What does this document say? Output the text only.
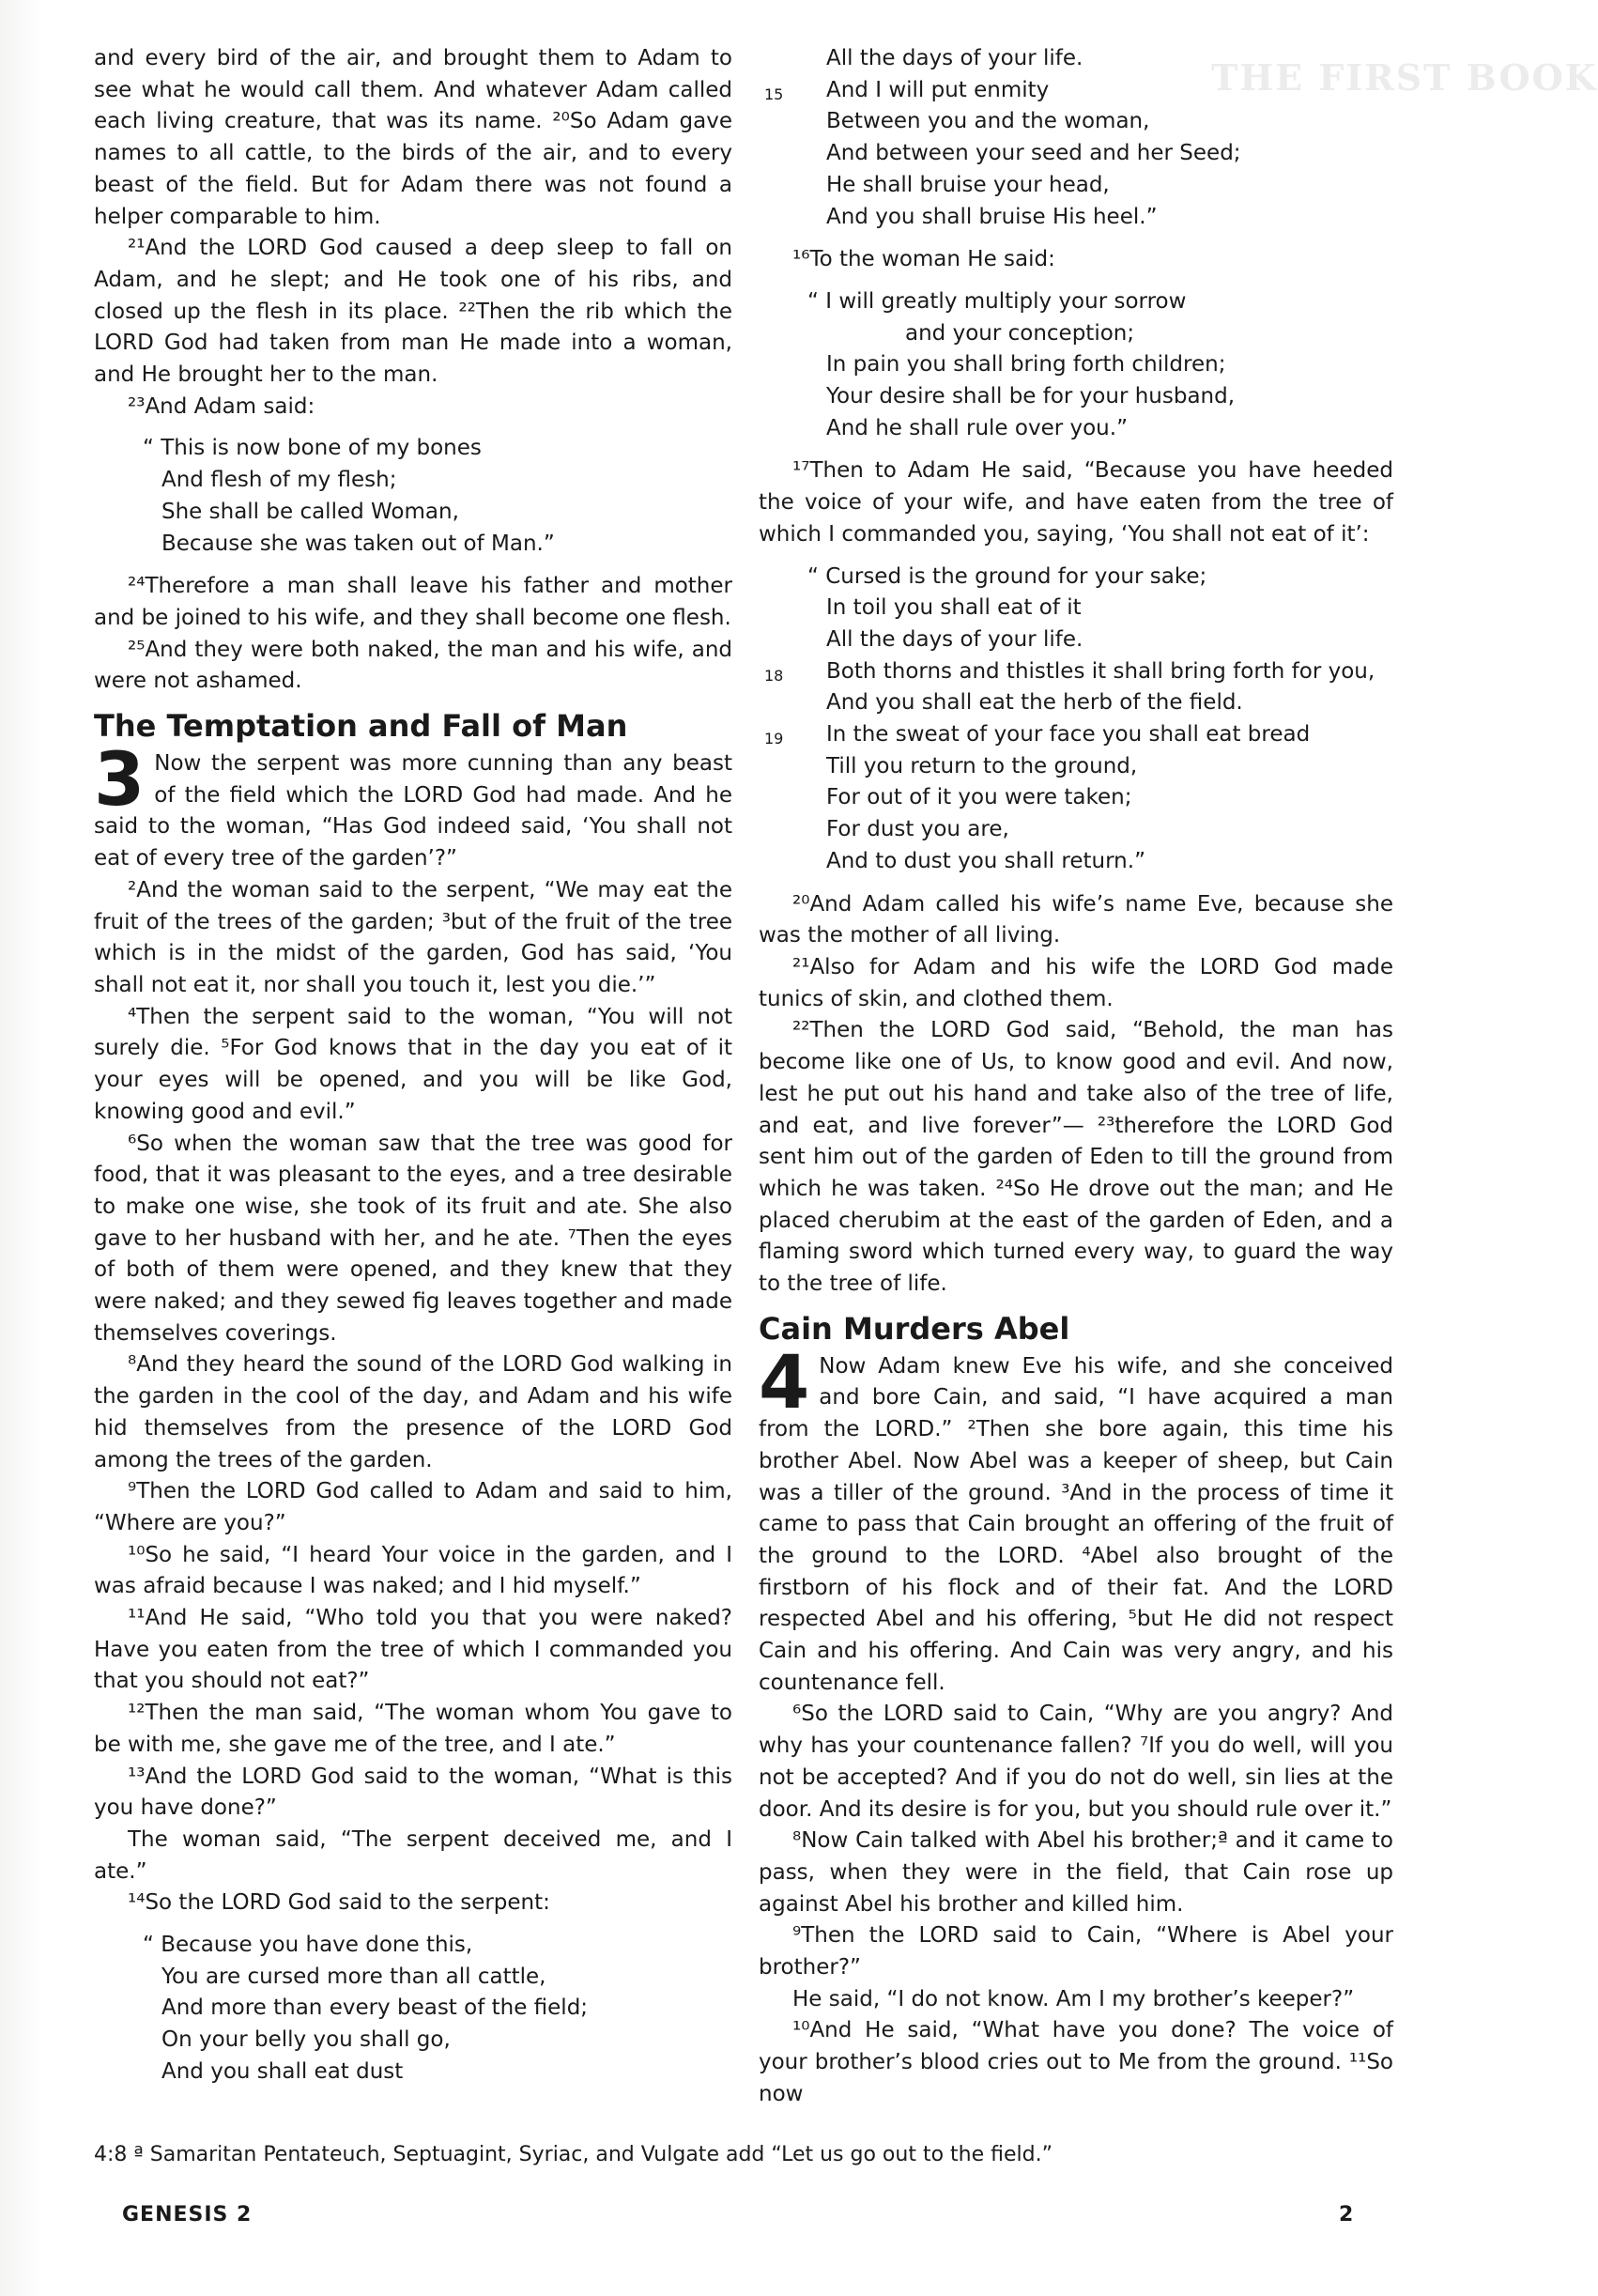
THE FIRST BOOK

and every bird of the air, and brought them to Adam to see what he would call them. And whatever Adam called each living creature, that was its name. ²⁰So Adam gave names to all cattle, to the birds of the air, and to every beast of the field. But for Adam there was not found a helper comparable to him.

²¹And the LORD God caused a deep sleep to fall on Adam, and he slept; and He took one of his ribs, and closed up the flesh in its place. ²²Then the rib which the LORD God had taken from man He made into a woman, and He brought her to the man.

²³And Adam said:

“ This is now bone of my bones
And flesh of my flesh;
She shall be called Woman,
Because she was taken out of Man.”

²⁴Therefore a man shall leave his father and mother and be joined to his wife, and they shall become one flesh.

²⁵And they were both naked, the man and his wife, and were not ashamed.

The Temptation and Fall of Man
3 Now the serpent was more cunning than any beast of the field which the LORD God had made. And he said to the woman, “Has God indeed said, ‘You shall not eat of every tree of the garden’?”

²And the woman said to the serpent, “We may eat the fruit of the trees of the garden; ³but of the fruit of the tree which is in the midst of the garden, God has said, ‘You shall not eat it, nor shall you touch it, lest you die.’”

⁴Then the serpent said to the woman, “You will not surely die. ⁵For God knows that in the day you eat of it your eyes will be opened, and you will be like God, knowing good and evil.”

⁶So when the woman saw that the tree was good for food, that it was pleasant to the eyes, and a tree desirable to make one wise, she took of its fruit and ate. She also gave to her husband with her, and he ate. ⁷Then the eyes of both of them were opened, and they knew that they were naked; and they sewed fig leaves together and made themselves coverings.

⁸And they heard the sound of the LORD God walking in the garden in the cool of the day, and Adam and his wife hid themselves from the presence of the LORD God among the trees of the garden.

⁹Then the LORD God called to Adam and said to him, “Where are you?”

¹⁰So he said, “I heard Your voice in the garden, and I was afraid because I was naked; and I hid myself.”

¹¹And He said, “Who told you that you were naked? Have you eaten from the tree of which I commanded you that you should not eat?”

¹²Then the man said, “The woman whom You gave to be with me, she gave me of the tree, and I ate.”

¹³And the LORD God said to the woman, “What is this you have done?”

The woman said, “The serpent deceived me, and I ate.”

¹⁴So the LORD God said to the serpent:

“ Because you have done this,
You are cursed more than all cattle,
And more than every beast of the field;
On your belly you shall go,
And you shall eat dust
All the days of your life.
15 And I will put enmity
Between you and the woman,
And between your seed and her Seed;
He shall bruise your head,
And you shall bruise His heel.”

¹⁶To the woman He said:

“ I will greatly multiply your sorrow
and your conception;
In pain you shall bring forth children;
Your desire shall be for your husband,
And he shall rule over you.”

¹⁷Then to Adam He said, “Because you have heeded the voice of your wife, and have eaten from the tree of which I commanded you, saying, ‘You shall not eat of it’:

“ Cursed is the ground for your sake;
In toil you shall eat of it
All the days of your life.
18 Both thorns and thistles it shall bring forth for you,
And you shall eat the herb of the field.
19 In the sweat of your face you shall eat bread
Till you return to the ground,
For out of it you were taken;
For dust you are,
And to dust you shall return.”

²⁰And Adam called his wife’s name Eve, because she was the mother of all living.

²¹Also for Adam and his wife the LORD God made tunics of skin, and clothed them.

²²Then the LORD God said, “Behold, the man has become like one of Us, to know good and evil. And now, lest he put out his hand and take also of the tree of life, and eat, and live forever”— ²³therefore the LORD God sent him out of the garden of Eden to till the ground from which he was taken. ²⁴So He drove out the man; and He placed cherubim at the east of the garden of Eden, and a flaming sword which turned every way, to guard the way to the tree of life.

Cain Murders Abel
4 Now Adam knew Eve his wife, and she conceived and bore Cain, and said, “I have acquired a man from the LORD.” ²Then she bore again, this time his brother Abel. Now Abel was a keeper of sheep, but Cain was a tiller of the ground. ³And in the process of time it came to pass that Cain brought an offering of the fruit of the ground to the LORD. ⁴Abel also brought of the firstborn of his flock and of their fat. And the LORD respected Abel and his offering, ⁵but He did not respect Cain and his offering. And Cain was very angry, and his countenance fell.

⁶So the LORD said to Cain, “Why are you angry? And why has your countenance fallen? ⁷If you do well, will you not be accepted? And if you do not do well, sin lies at the door. And its desire is for you, but you should rule over it.”

⁸Now Cain talked with Abel his brother;ª and it came to pass, when they were in the field, that Cain rose up against Abel his brother and killed him.

⁹Then the LORD said to Cain, “Where is Abel your brother?”

He said, “I do not know. Am I my brother’s keeper?”

¹⁰And He said, “What have you done? The voice of your brother’s blood cries out to Me from the ground. ¹¹So now

4:8 ª Samaritan Pentateuch, Septuagint, Syriac, and Vulgate add “Let us go out to the field.”
GENESIS 2	2
